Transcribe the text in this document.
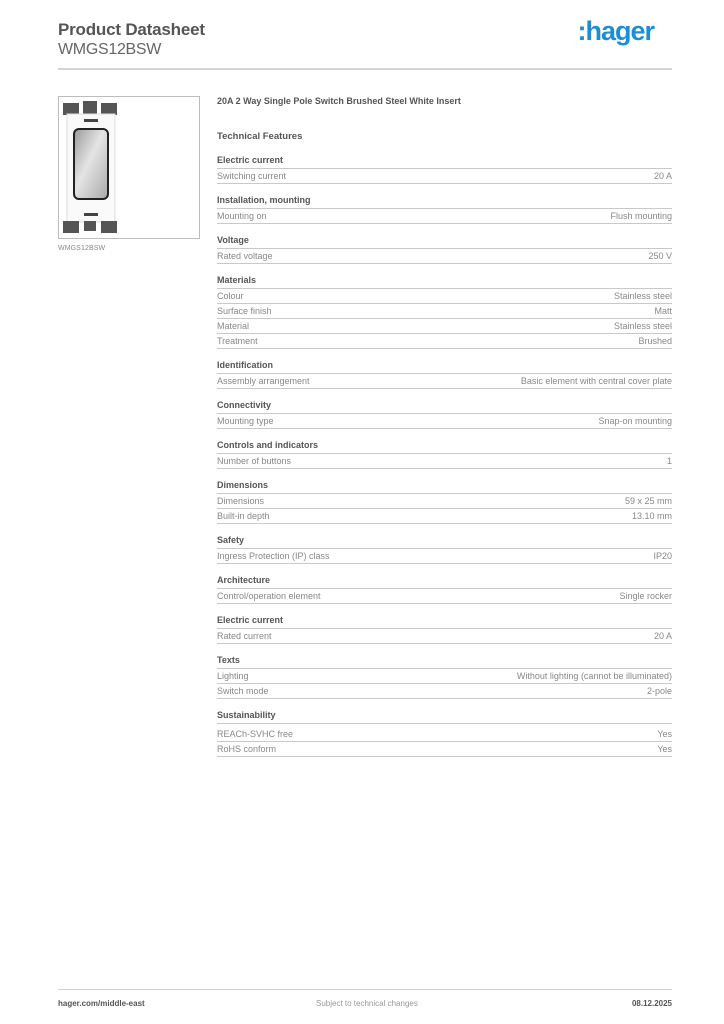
Product Datasheet
WMGS12BSW
:hager
WMGS12BSW
20A 2 Way Single Pole Switch Brushed Steel White Insert
Technical Features
Electric current
Switching current	20 A
Installation, mounting
Mounting on	Flush mounting
Voltage
Rated voltage	250 V
Materials
Colour	Stainless steel
Surface finish	Matt
Material	Stainless steel
Treatment	Brushed
Identification
Assembly arrangement	Basic element with central cover plate
Connectivity
Mounting type	Snap-on mounting
Controls and indicators
Number of buttons	1
Dimensions
Dimensions	59 x 25 mm
Built-in depth	13.10 mm
Safety
Ingress Protection (IP) class	IP20
Architecture
Control/operation element	Single rocker
Electric current
Rated current	20 A
Texts
Lighting	Without lighting (cannot be illuminated)
Switch mode	2-pole
Sustainability
REACh-SVHC free	Yes
RoHS conform	Yes
hager.com/middle-east	Subject to technical changes	08.12.2025
